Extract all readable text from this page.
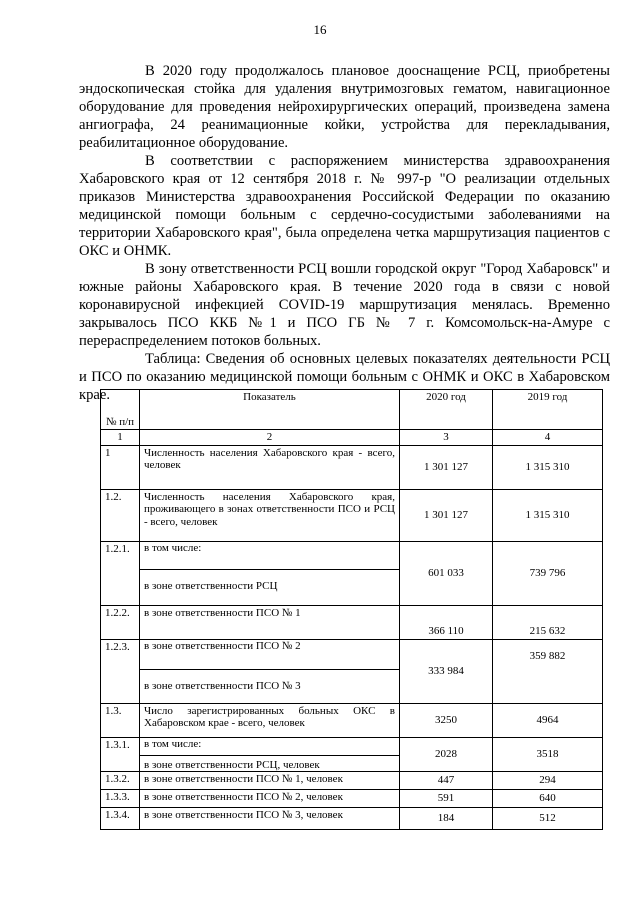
16

В 2020 году продолжалось плановое дооснащение РСЦ, приобретены эндоскопическая стойка для удаления внутримозговых гематом, навигационное оборудование для проведения нейрохирургических операций, произведена замена ангиографа, 24 реанимационные койки, устройства для перекладывания, реабилитационное оборудование.

В соответствии с распоряжением министерства здравоохранения Хабаровского края от 12 сентября 2018 г. № 997-р "О реализации отдельных приказов Министерства здравоохранения Российской Федерации по оказанию медицинской помощи больным с сердечно-сосудистыми заболеваниями на территории Хабаровского края", была определена четка маршрутизация пациентов с ОКС и ОНМК.

В зону ответственности РСЦ вошли городской округ "Город Хабаровск" и южные районы Хабаровского края. В течение 2020 года в связи с новой коронавирусной инфекцией COVID-19 маршрутизация менялась. Временно закрывалось ПСО ККБ №1 и ПСО ГБ № 7 г. Комсомольск-на-Амуре с перераспределением потоков больных.

Таблица: Сведения об основных целевых показателях деятельности РСЦ и ПСО по оказанию медицинской помощи больным с ОНМК и ОКС в Хабаровском крае.

№ п/п	Показатель	2020 год	2019 год
1	2	3	4
1	Численность населения Хабаровского края - всего, человек	1 301 127	1 315 310
1.2.	Численность населения Хабаровского края, проживающего в зонах ответственности ПСО и РСЦ - всего, человек	1 301 127	1 315 310
1.2.1.	в том числе:
в зоне ответственности РСЦ	601 033	739 796
1.2.2.	в зоне ответственности ПСО № 1	366 110	215 632
1.2.3.	в зоне ответственности ПСО № 2
в зоне ответственности ПСО № 3	333 984	359 882
1.3.	Число зарегистрированных больных ОКС в Хабаровском крае - всего, человек	3250	4964
1.3.1.	в том числе:
в зоне ответственности РСЦ, человек	2028	3518
1.3.2.	в зоне ответственности ПСО № 1, человек	447	294
1.3.3.	в зоне ответственности ПСО № 2, человек	591	640
1.3.4.	в зоне ответственности ПСО № 3, человек	184	512
